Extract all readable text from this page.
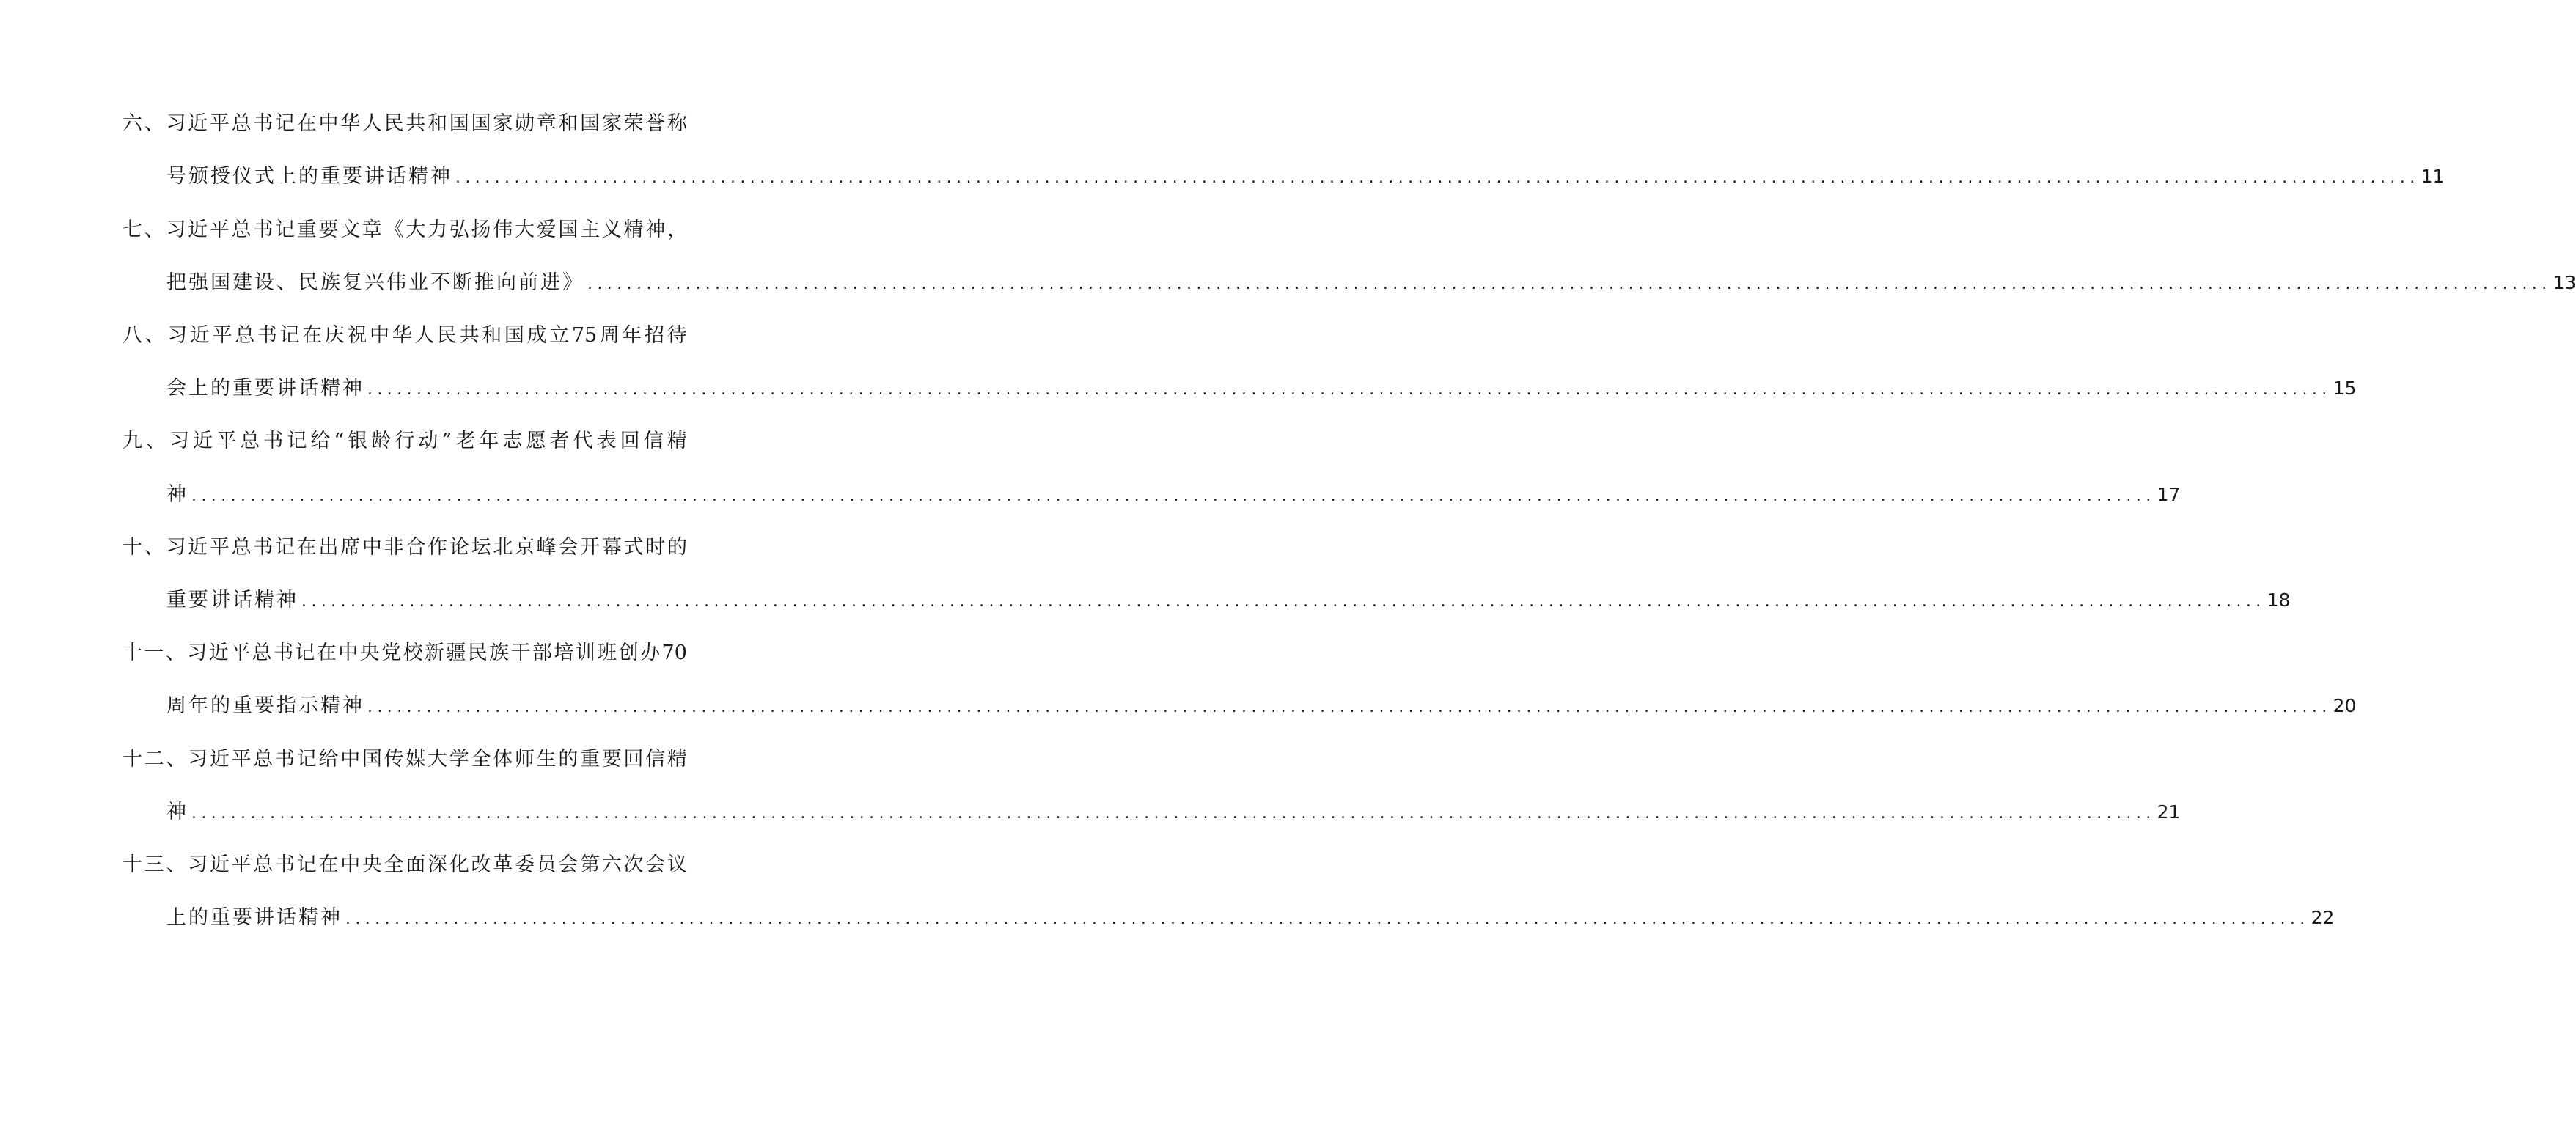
六 、 习 近 平 总 书 记 在 中 华 人 民 共 和 国 国 家 勋 章 和 国 家 荣 誉 称
号颁授仪式上的重要讲话精神 ........................................................................................................................................................................................................ 11
七 、 习 近 平 总 书 记 重 要 文 章 《 大 力 弘 扬 伟 大 爱 国 主 义 精 神 ，
把强国建设、民族复兴伟业不断推向前进》 ........................................................................................................................................................................................................ 13
八 、 习 近 平 总 书 记 在 庆 祝 中 华 人 民 共 和 国 成 立 75 周 年 招 待
会上的重要讲话精神 ........................................................................................................................................................................................................ 15
九 、 习 近 平 总 书 记 给 “ 银 龄 行 动 ” 老 年 志 愿 者 代 表 回 信 精
神 ........................................................................................................................................................................................................ 17
十 、 习 近 平 总 书 记 在 出 席 中 非 合 作 论 坛 北 京 峰 会 开 幕 式 时 的
重要讲话精神 ........................................................................................................................................................................................................ 18
十 一 、 习 近 平 总 书 记 在 中 央 党 校 新 疆 民 族 干 部 培 训 班 创 办 70
周年的重要指示精神 ........................................................................................................................................................................................................ 20
十 二 、 习 近 平 总 书 记 给 中 国 传 媒 大 学 全 体 师 生 的 重 要 回 信 精
神 ........................................................................................................................................................................................................ 21
十 三 、 习 近 平 总 书 记 在 中 央 全 面 深 化 改 革 委 员 会 第 六 次 会 议
上的重要讲话精神 ........................................................................................................................................................................................................ 22
